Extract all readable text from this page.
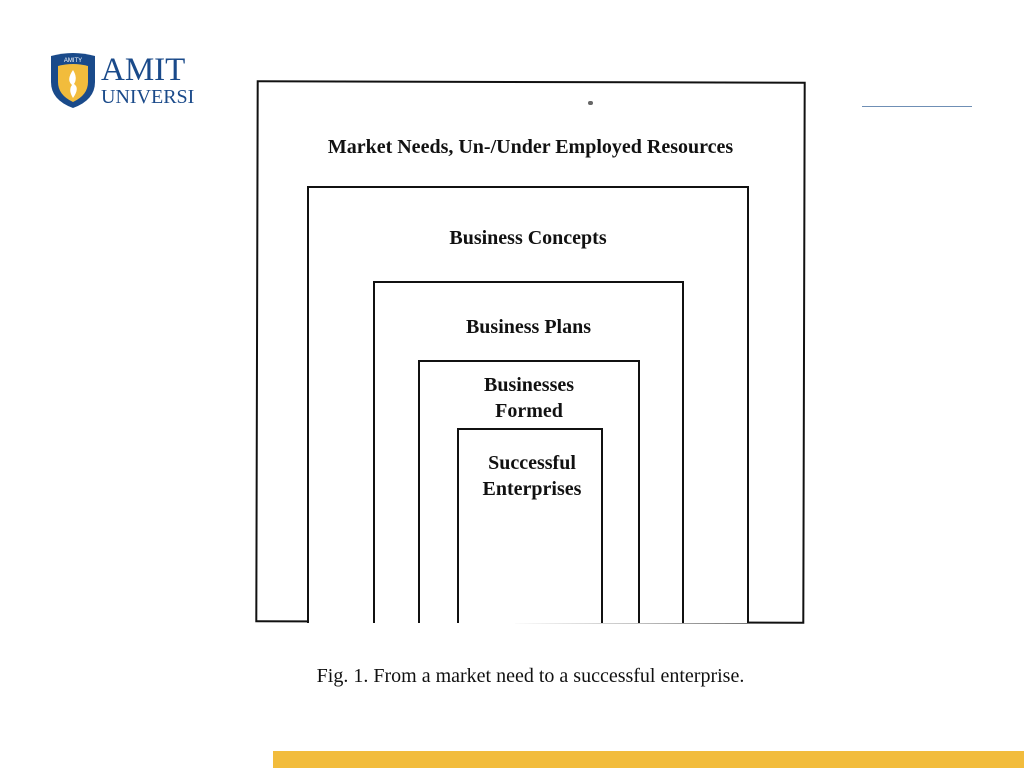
AMITY AMIT
UNIVERSI
Market Needs, Un-/Under Employed Resources
Business Concepts
Business Plans
Businesses
Formed
Successful
Enterprises
Fig. 1. From a market need to a successful enterprise.
